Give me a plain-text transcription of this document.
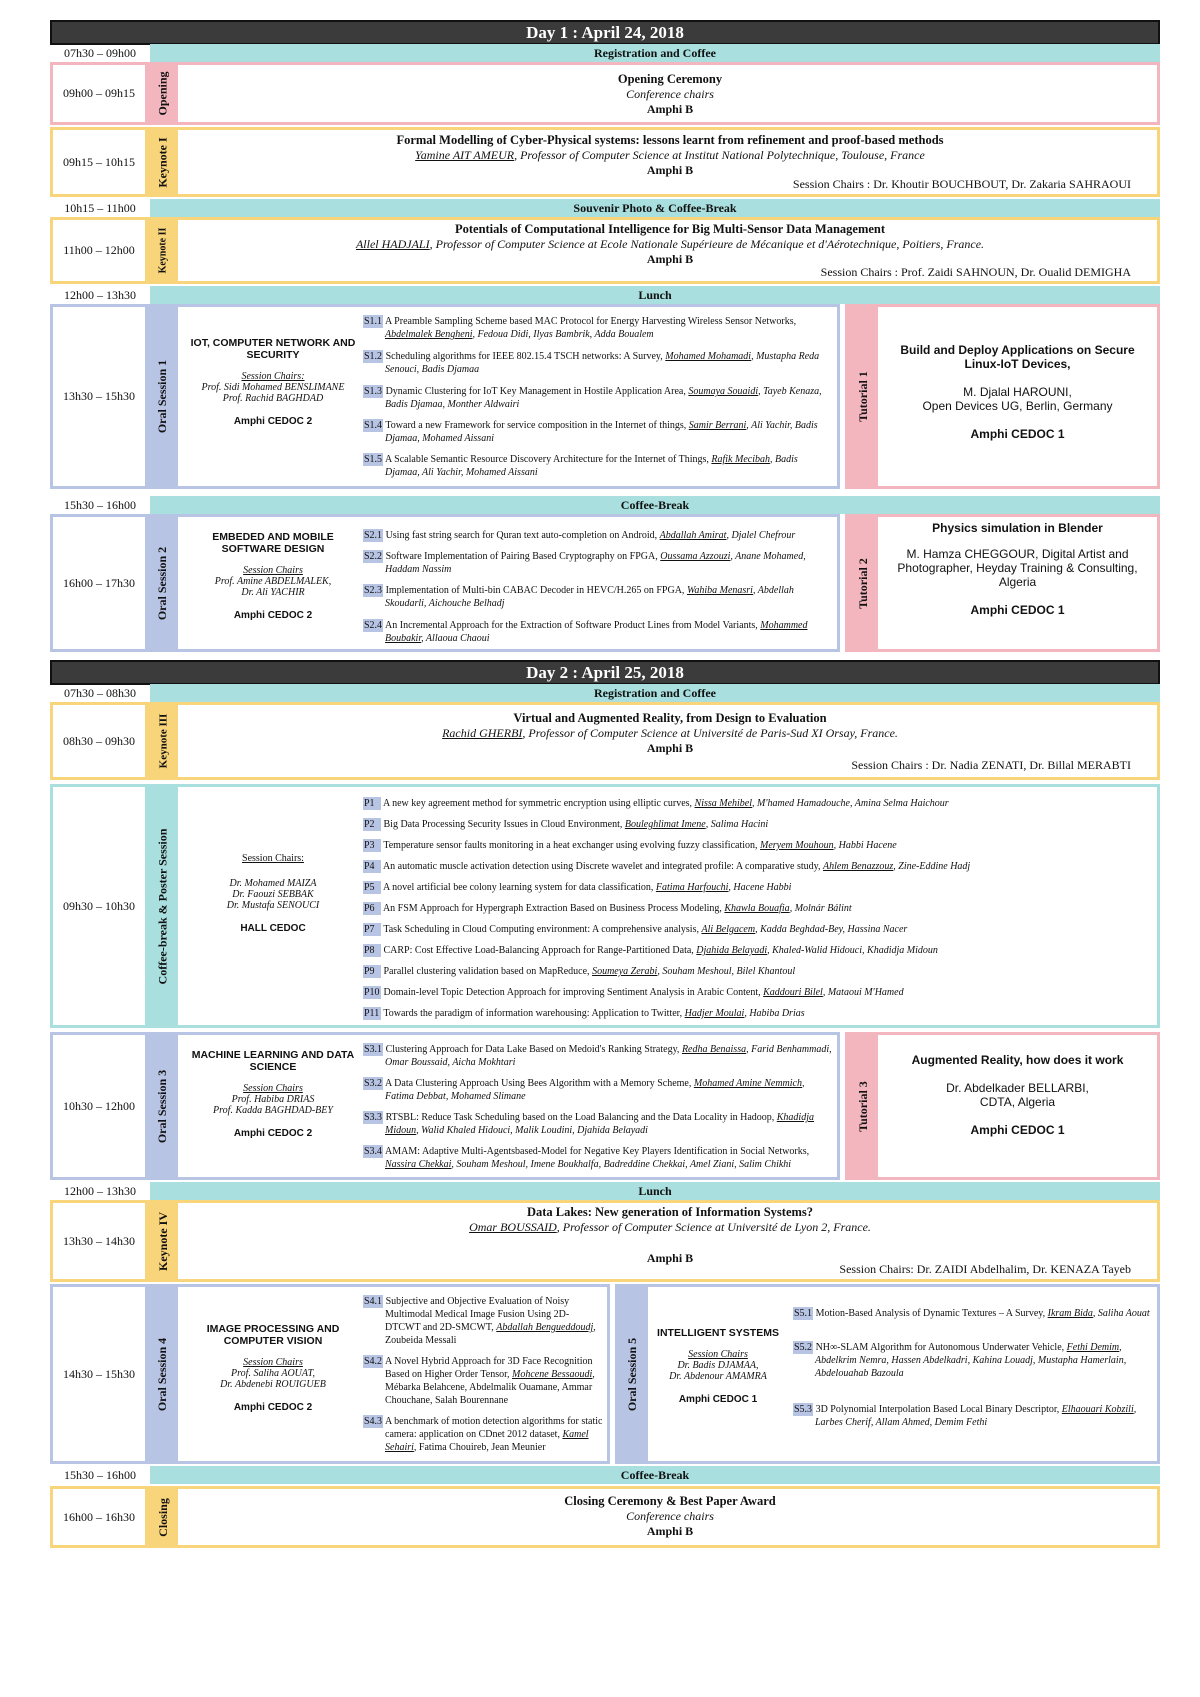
Day 1 : April 24, 2018
07h30 – 09h00	Registration and Coffee
09h00 – 09h15	Opening	Opening Ceremony
Conference chairs
Amphi B
09h15 – 10h15	Keynote I	Formal Modelling of Cyber-Physical systems: lessons learnt from refinement and proof-based methods
Yamine AIT AMEUR, Professor of Computer Science at Institut National Polytechnique, Toulouse, France
Amphi B
Session Chairs : Dr. Khoutir BOUCHBOUT, Dr. Zakaria SAHRAOUI
10h15 – 11h00	Souvenir Photo & Coffee-Break
11h00 – 12h00	Keynote II	Potentials of Computational Intelligence for Big Multi-Sensor Data Management
Allel HADJALI, Professor of Computer Science at Ecole Nationale Supérieure de Mécanique et d'Aérotechnique, Poitiers, France.
Amphi B
Session Chairs : Prof. Zaidi SAHNOUN, Dr. Oualid DEMIGHA
12h00 – 13h30	Lunch
13h30 – 15h30	Oral Session 1
IOT, COMPUTER NETWORK AND SECURITY
Session Chairs:
Prof. Sidi Mohamed BENSLIMANE
Prof. Rachid BAGHDAD
Amphi CEDOC 2
S1.1 A Preamble Sampling Scheme based MAC Protocol for Energy Harvesting Wireless Sensor Networks, Abdelmalek Bengheni, Fedoua Didi, Ilyas Bambrik, Adda Boualem
S1.2 Scheduling algorithms for IEEE 802.15.4 TSCH networks: A Survey, Mohamed Mohamadi, Mustapha Reda Senouci, Badis Djamaa
S1.3 Dynamic Clustering for IoT Key Management in Hostile Application Area, Soumaya Souaidi, Tayeb Kenaza, Badis Djamaa, Monther Aldwairi
S1.4 Toward a new Framework for service composition in the Internet of things, Samir Berrani, Ali Yachir, Badis Djamaa, Mohamed Aissani
S1.5 A Scalable Semantic Resource Discovery Architecture for the Internet of Things, Rafik Mecibah, Badis Djamaa, Ali Yachir, Mohamed Aissani
Tutorial 1
Build and Deploy Applications on Secure Linux-IoT Devices,
M. Djalal HAROUNI,
Open Devices UG, Berlin, Germany
Amphi CEDOC 1
15h30 – 16h00	Coffee-Break
16h00 – 17h30	Oral Session 2
EMBEDED AND MOBILE SOFTWARE DESIGN
Session Chairs
Prof. Amine ABDELMALEK,
Dr. Ali YACHIR
Amphi CEDOC 2
S2.1 Using fast string search for Quran text auto-completion on Android, Abdallah Amirat, Djalel Chefrour
S2.2 Software Implementation of Pairing Based Cryptography on FPGA, Oussama Azzouzi, Anane Mohamed, Haddam Nassim
S2.3 Implementation of Multi-bin CABAC Decoder in HEVC/H.265 on FPGA, Wahiba Menasri, Abdellah Skoudarli, Aichouche Belhadj
S2.4 An Incremental Approach for the Extraction of Software Product Lines from Model Variants, Mohammed Boubakir, Allaoua Chaoui
Tutorial 2
Physics simulation in Blender
M. Hamza CHEGGOUR, Digital Artist and Photographer, Heyday Training & Consulting, Algeria
Amphi CEDOC 1
Day 2 : April 25, 2018
07h30 – 08h30	Registration and Coffee
08h30 – 09h30	Keynote III	Virtual and Augmented Reality, from Design to Evaluation
Rachid GHERBI, Professor of Computer Science at Université de Paris-Sud XI Orsay, France.
Amphi B
Session Chairs : Dr. Nadia ZENATI, Dr. Billal MERABTI
09h30 – 10h30	Coffee-break & Poster Session	Session Chairs:
Dr. Mohamed MAIZA
Dr. Faouzi SEBBAK
Dr. Mustafa SENOUCI
HALL CEDOC
P1 A new key agreement method for symmetric encryption using elliptic curves, Nissa Mehibel, M'hamed Hamadouche, Amina Selma Haichour
P2 Big Data Processing Security Issues in Cloud Environment, Bouleghlimat Imene, Salima Hacini
P3 Temperature sensor faults monitoring in a heat exchanger using evolving fuzzy classification, Meryem Mouhoun, Habbi Hacene
P4 An automatic muscle activation detection using Discrete wavelet and integrated profile: A comparative study, Ahlem Benazzouz, Zine-Eddine Hadj
P5 A novel artificial bee colony learning system for data classification, Fatima Harfouchi, Hacene Habbi
P6 An FSM Approach for Hypergraph Extraction Based on Business Process Modeling, Khawla Bouafia, Molnár Bálint
P7 Task Scheduling in Cloud Computing environment: A comprehensive analysis, Ali Belgacem, Kadda Beghdad-Bey, Hassina Nacer
P8 CARP: Cost Effective Load-Balancing Approach for Range-Partitioned Data, Djahida Belayadi, Khaled-Walid Hidouci, Khadidja Midoun
P9 Parallel clustering validation based on MapReduce, Soumeya Zerabi, Souham Meshoul, Bilel Khantoul
P10 Domain-level Topic Detection Approach for improving Sentiment Analysis in Arabic Content, Kaddouri Bilel, Mataoui M'Hamed
P11 Towards the paradigm of information warehousing: Application to Twitter, Hadjer Moulai, Habiba Drias
10h30 – 12h00	Oral Session 3
MACHINE LEARNING AND DATA SCIENCE
Session Chairs
Prof. Habiba DRIAS
Prof. Kadda BAGHDAD-BEY
Amphi CEDOC 2
S3.1 Clustering Approach for Data Lake Based on Medoid's Ranking Strategy, Redha Benaissa, Farid Benhammadi, Omar Boussaid, Aicha Mokhtari
S3.2 A Data Clustering Approach Using Bees Algorithm with a Memory Scheme, Mohamed Amine Nemmich, Fatima Debbat, Mohamed Slimane
S3.3 RTSBL: Reduce Task Scheduling based on the Load Balancing and the Data Locality in Hadoop, Khadidja Midoun, Walid Khaled Hidouci, Malik Loudini, Djahida Belayadi
S3.4 AMAM: Adaptive Multi-Agentsbased-Model for Negative Key Players Identification in Social Networks, Nassira Chekkai, Souham Meshoul, Imene Boukhalfa, Badreddine Chekkai, Amel Ziani, Salim Chikhi
Tutorial 3
Augmented Reality, how does it work
Dr. Abdelkader BELLARBI,
CDTA, Algeria
Amphi CEDOC 1
12h00 – 13h30	Lunch
13h30 – 14h30	Keynote IV	Data Lakes: New generation of Information Systems?
Omar BOUSSAID, Professor of Computer Science at Université de Lyon 2, France.
Amphi B
Session Chairs: Dr. ZAIDI Abdelhalim, Dr. KENAZA Tayeb
14h30 – 15h30	Oral Session 4
IMAGE PROCESSING AND COMPUTER VISION
Session Chairs
Prof. Saliha AOUAT,
Dr. Abdenebi ROUIGUEB
Amphi CEDOC 2
S4.1 Subjective and Objective Evaluation of Noisy Multimodal Medical Image Fusion Using 2D-DTCWT and 2D-SMCWT, Abdallah Bengueddoudj, Zoubeida Messali
S4.2 A Novel Hybrid Approach for 3D Face Recognition Based on Higher Order Tensor, Mohcene Bessaoudi, Mébarka Belahcene, Abdelmalik Ouamane, Ammar Chouchane, Salah Bourennane
S4.3 A benchmark of motion detection algorithms for static camera: application on CDnet 2012 dataset, Kamel Sehairi, Fatima Chouireb, Jean Meunier
Oral Session 5
INTELLIGENT SYSTEMS
Session Chairs
Dr. Badis DJAMAA,
Dr. Abdenour AMAMRA
Amphi CEDOC 1
S5.1 Motion-Based Analysis of Dynamic Textures – A Survey, Ikram Bida, Saliha Aouat
S5.2 NH∞-SLAM Algorithm for Autonomous Underwater Vehicle, Fethi Demim, Abdelkrim Nemra, Hassen Abdelkadri, Kahina Louadj, Mustapha Hamerlain, Abdelouahab Bazoula
S5.3 3D Polynomial Interpolation Based Local Binary Descriptor, Elhaouari Kobzili, Larbes Cherif, Allam Ahmed, Demim Fethi
15h30 – 16h00	Coffee-Break
16h00 – 16h30	Closing	Closing Ceremony & Best Paper Award
Conference chairs
Amphi B
